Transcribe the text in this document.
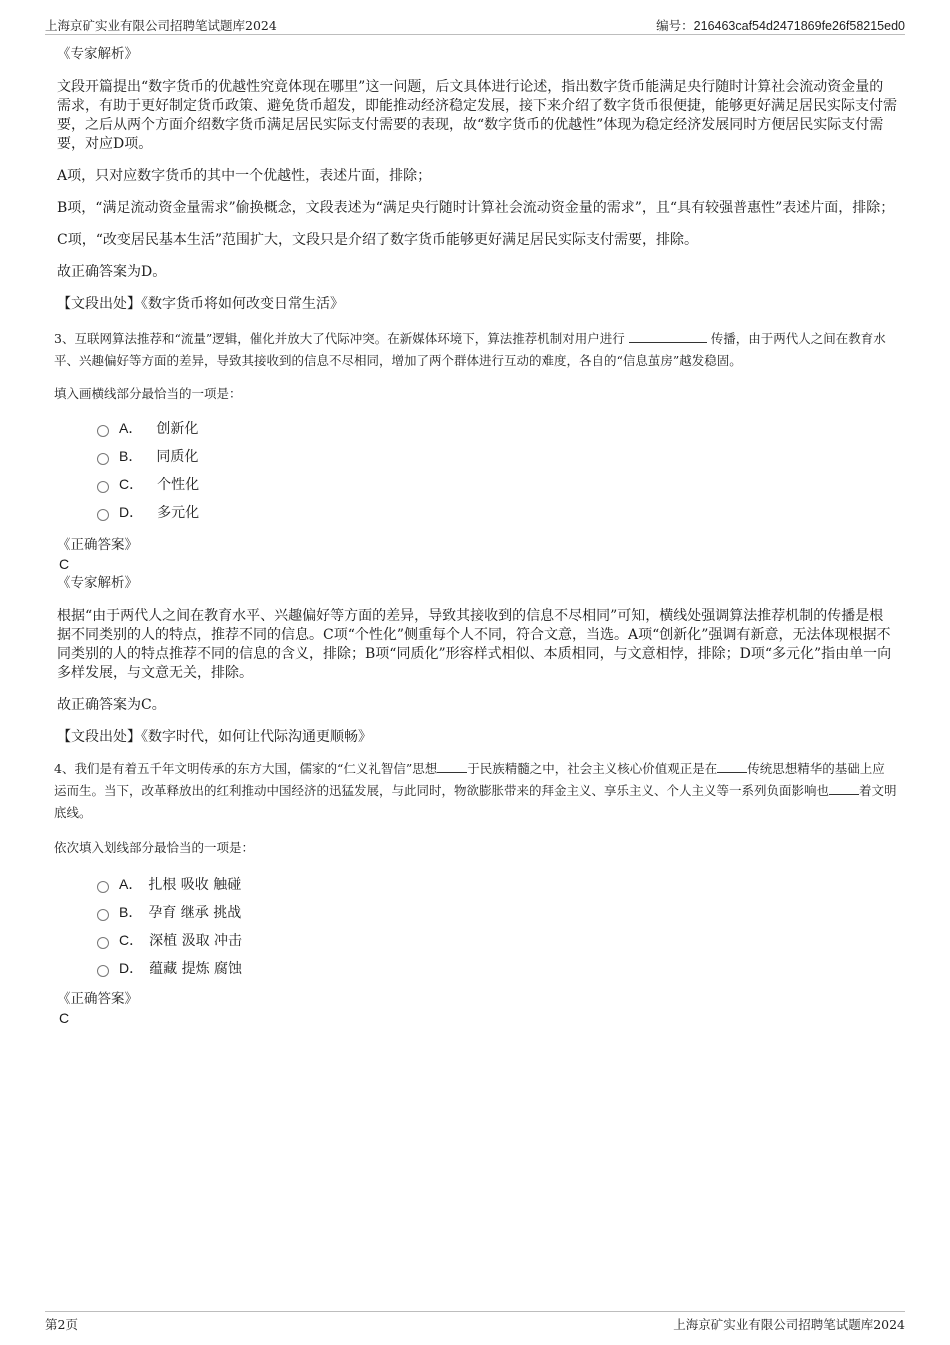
上海京矿实业有限公司招聘笔试题库2024	编号：216463caf54d2471869fe26f58215ed0

《专家解析》

文段开篇提出“数字货币的优越性究竟体现在哪里”这一问题，后文具体进行论述，指出数字货币能满足央行随时计算社会流动资金量的需求，有助于更好制定货币政策、避免货币超发，即能推动经济稳定发展，接下来介绍了数字货币很便捷，能够更好满足居民实际支付需要，之后从两个方面介绍数字货币满足居民实际支付需要的表现，故“数字货币的优越性”体现为稳定经济发展同时方便居民实际支付需要，对应D项。

A项，只对应数字货币的其中一个优越性，表述片面，排除；

B项，“满足流动资金量需求”偷换概念，文段表述为“满足央行随时计算社会流动资金量的需求”，且“具有较强普惠性”表述片面，排除；

C项，“改变居民基本生活”范围扩大，文段只是介绍了数字货币能够更好满足居民实际支付需要，排除。

故正确答案为D。

【文段出处】《数字货币将如何改变日常生活》

3、互联网算法推荐和“流量”逻辑，催化并放大了代际冲突。在新媒体环境下，算法推荐机制对用户进行	传播，由于两代人之间在教育水平、兴趣偏好等方面的差异，导致其接收到的信息不尽相同，增加了两个群体进行互动的难度，各自的“信息茧房”越发稳固。

填入画横线部分最恰当的一项是：

A． 创新化
B． 同质化
C． 个性化
D． 多元化

《正确答案》

C

《专家解析》

根据“由于两代人之间在教育水平、兴趣偏好等方面的差异，导致其接收到的信息不尽相同”可知，横线处强调算法推荐机制的传播是根据不同类别的人的特点，推荐不同的信息。C项“个性化”侧重每个人不同，符合文意，当选。A项“创新化”强调有新意，无法体现根据不同类别的人的特点推荐不同的信息的含义，排除；B项“同质化”形容样式相似、本质相同，与文意相悖，排除；D项“多元化”指由单一向多样发展，与文意无关，排除。

故正确答案为C。

【文段出处】《数字时代，如何让代际沟通更顺畅》

4、我们是有着五千年文明传承的东方大国，儒家的“仁义礼智信”思想 于民族精髓之中，社会主义核心价值观正是在 传统思想精华的基础上应运而生。当下，改革释放出的红利推动中国经济的迅猛发展，与此同时，物欲膨胀带来的拜金主义、享乐主义、个人主义等一系列负面影响也 着文明底线。

依次填入划线部分最恰当的一项是：

A． 扎根 吸收 触碰
B． 孕育 继承 挑战
C． 深植 汲取 冲击
D． 蕴藏 提炼 腐蚀

《正确答案》

C

第2页	上海京矿实业有限公司招聘笔试题库2024
